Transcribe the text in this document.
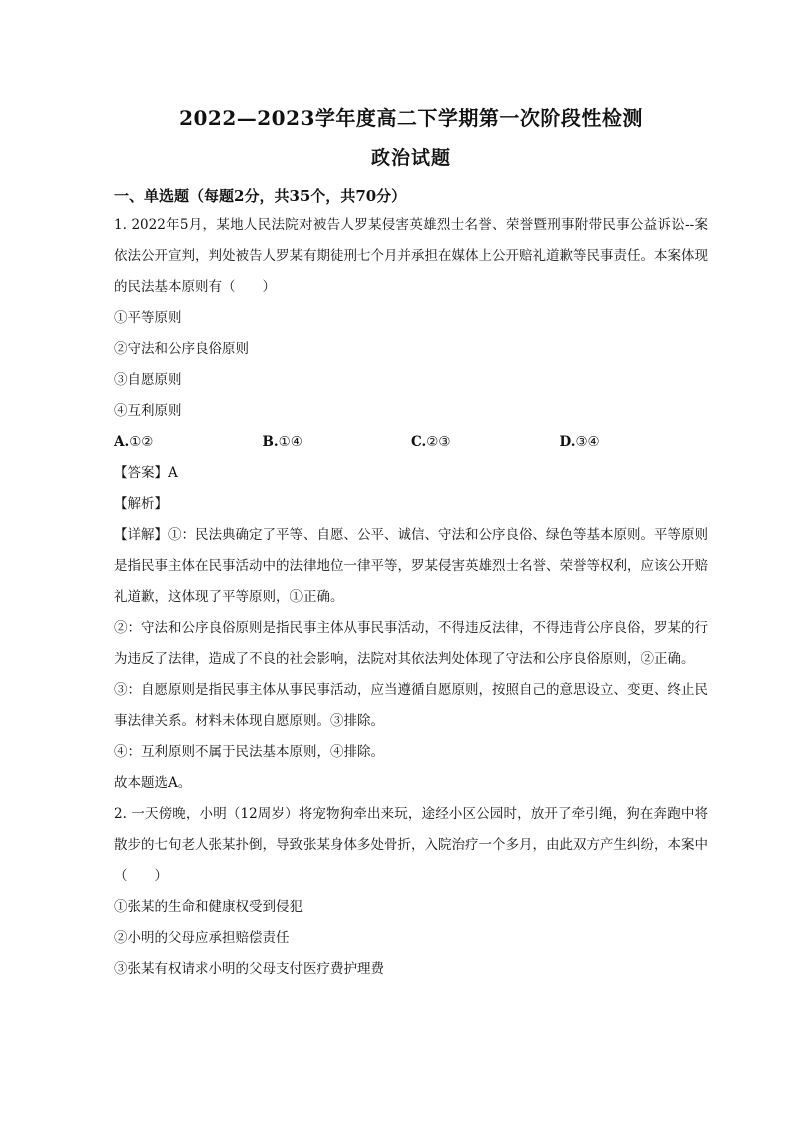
2022—2023学年度高二下学期第一次阶段性检测
政治试题

一、单选题（每题2分，共35个，共70分）

1. 2022年5月，某地人民法院对被告人罗某侵害英雄烈士名誉、荣誉暨刑事附带民事公益诉讼--案依法公开宣判，判处被告人罗某有期徒刑七个月并承担在媒体上公开赔礼道歉等民事责任。本案体现的民法基本原则有（　　）

①平等原则

②守法和公序良俗原则

③自愿原则

④互利原则

A.①②	B.①④	C.②③	D.③④

【答案】A

【解析】

【详解】①：民法典确定了平等、自愿、公平、诚信、守法和公序良俗、绿色等基本原则。平等原则是指民事主体在民事活动中的法律地位一律平等，罗某侵害英雄烈士名誉、荣誉等权利，应该公开赔礼道歉，这体现了平等原则，①正确。

②：守法和公序良俗原则是指民事主体从事民事活动，不得违反法律，不得违背公序良俗，罗某的行为违反了法律，造成了不良的社会影响，法院对其依法判处体现了守法和公序良俗原则，②正确。

③：自愿原则是指民事主体从事民事活动，应当遵循自愿原则，按照自己的意思设立、变更、终止民事法律关系。材料未体现自愿原则。③排除。

④：互利原则不属于民法基本原则，④排除。

故本题选A。

2. 一天傍晚，小明（12周岁）将宠物狗牵出来玩，途经小区公园时，放开了牵引绳，狗在奔跑中将散步的七旬老人张某扑倒，导致张某身体多处骨折，入院治疗一个多月，由此双方产生纠纷，本案中（　　）

①张某的生命和健康权受到侵犯

②小明的父母应承担赔偿责任

③张某有权请求小明的父母支付医疗费护理费
